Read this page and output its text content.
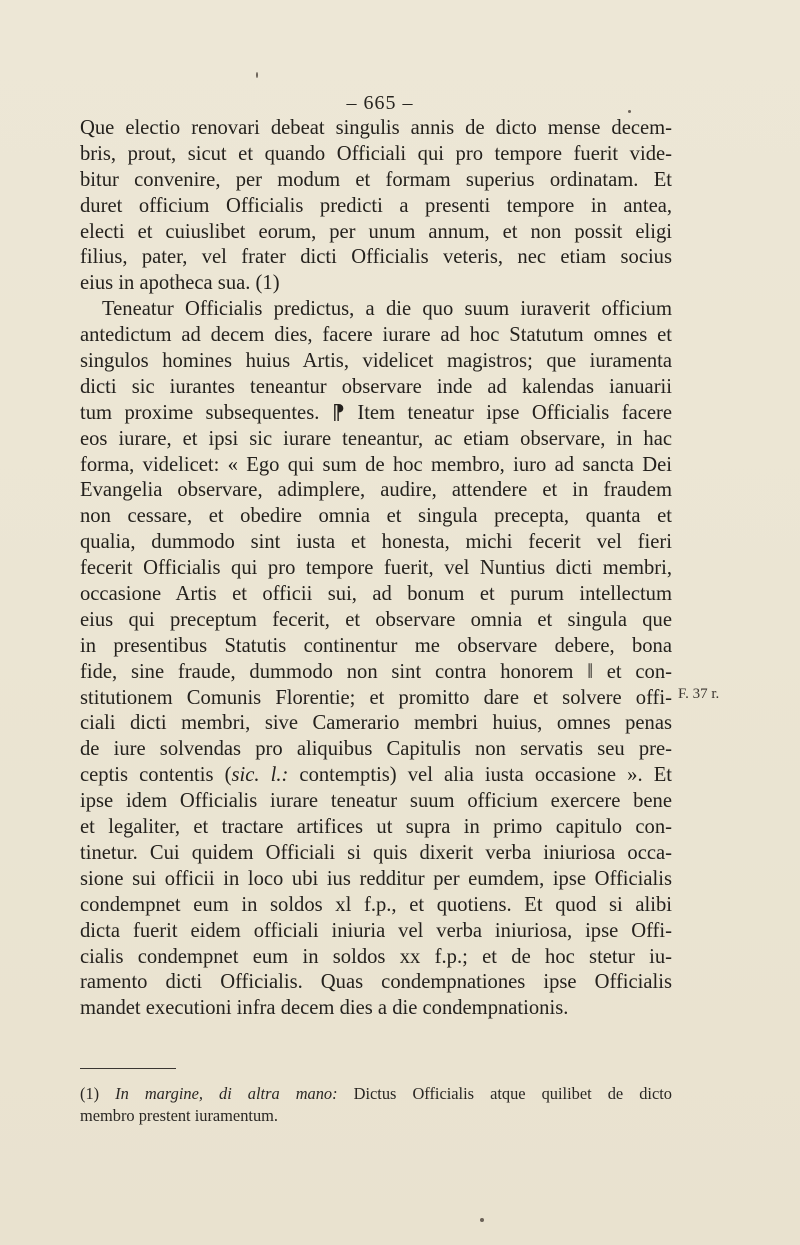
– 665 –
Que electio renovari debeat singulis annis de dicto mense decem-
bris, prout, sicut et quando Officiali qui pro tempore fuerit vide-
bitur convenire, per modum et formam superius ordinatam. Et
duret officium Officialis predicti a presenti tempore in antea,
electi et cuiuslibet eorum, per unum annum, et non possit eligi
filius, pater, vel frater dicti Officialis veteris, nec etiam socius
eius in apotheca sua. (1)
Teneatur Officialis predictus, a die quo suum iuraverit officium
antedictum ad decem dies, facere iurare ad hoc Statutum omnes et
singulos homines huius Artis, videlicet magistros; que iuramenta
dicti sic iurantes teneantur observare inde ad kalendas ianuarii
tum proxime subsequentes. ⁋ Item teneatur ipse Officialis facere
eos iurare, et ipsi sic iurare teneantur, ac etiam observare, in hac
forma, videlicet: « Ego qui sum de hoc membro, iuro ad sancta Dei
Evangelia observare, adimplere, audire, attendere et in fraudem
non cessare, et obedire omnia et singula precepta, quanta et
qualia, dummodo sint iusta et honesta, michi fecerit vel fieri
fecerit Officialis qui pro tempore fuerit, vel Nuntius dicti membri,
occasione Artis et officii sui, ad bonum et purum intellectum
eius qui preceptum fecerit, et observare omnia et singula que
in presentibus Statutis continentur me observare debere, bona
fide, sine fraude, dummodo non sint contra honorem ‖ et con-
stitutionem Comunis Florentie; et promitto dare et solvere offi-
ciali dicti membri, sive Camerario membri huius, omnes penas
de iure solvendas pro aliquibus Capitulis non servatis seu pre-
ceptis contentis (sic. l.: contemptis) vel alia iusta occasione ». Et
ipse idem Officialis iurare teneatur suum officium exercere bene
et legaliter, et tractare artifices ut supra in primo capitulo con-
tinetur. Cui quidem Officiali si quis dixerit verba iniuriosa occa-
sione sui officii in loco ubi ius redditur per eumdem, ipse Officialis
condempnet eum in soldos xl f.p., et quotiens. Et quod si alibi
dicta fuerit eidem officiali iniuria vel verba iniuriosa, ipse Offi-
cialis condempnet eum in soldos xx f.p.; et de hoc stetur iu-
ramento dicti Officialis. Quas condempnationes ipse Officialis
mandet executioni infra decem dies a die condempnationis.
F. 37 r.
(1) In margine, di altra mano: Dictus Officialis atque quilibet de dicto
membro prestent iuramentum.
